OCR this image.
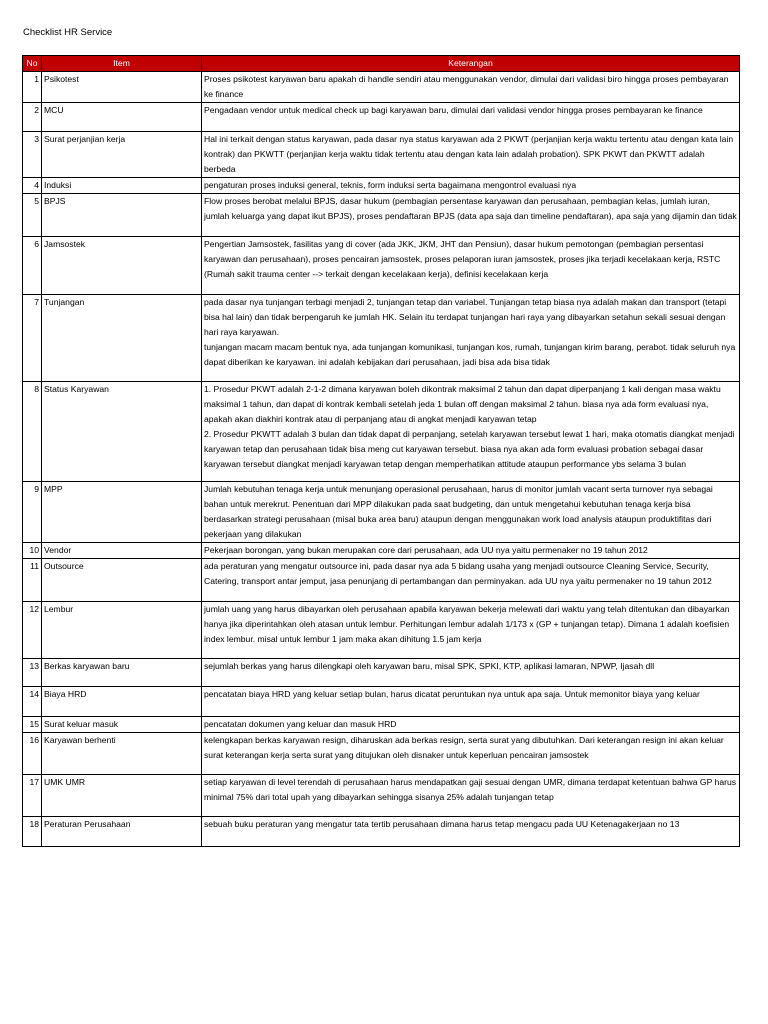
Checklist HR Service
No	Item	Keterangan
1	Psikotest	Proses psikotest karyawan baru apakah di handle sendiri atau menggunakan vendor, dimulai dari validasi biro hingga proses pembayaran ke finance
2	MCU	Pengadaan vendor untuk medical check up bagi karyawan baru, dimulai dari validasi vendor hingga proses pembayaran ke finance
3	Surat perjanjian kerja	Hal ini terkait dengan status karyawan, pada dasar nya status karyawan ada 2 PKWT (perjanjian kerja waktu tertentu atau dengan kata lain kontrak) dan PKWTT (perjanjian kerja waktu tidak tertentu atau dengan kata lain adalah probation). SPK PKWT dan PKWTT adalah berbeda
4	Induksi	pengaturan proses induksi general, teknis, form induksi serta bagaimana mengontrol evaluasi nya
5	BPJS	Flow proses berobat melalui BPJS, dasar hukum (pembagian persentase karyawan dan perusahaan, pembagian kelas, jumlah iuran, jumlah keluarga yang dapat ikut BPJS), proses pendaftaran BPJS (data apa saja dan timeline pendaftaran), apa saja yang dijamin dan tidak
6	Jamsostek	Pengertian Jamsostek, fasilitas yang di cover (ada JKK, JKM, JHT dan Pensiun), dasar hukum pemotongan (pembagian persentasi karyawan dan perusahaan), proses pencairan jamsostek, proses pelaporan iuran jamsostek, proses jika terjadi kecelakaan kerja, RSTC (Rumah sakit trauma center --> terkait dengan kecelakaan kerja), definisi kecelakaan kerja
7	Tunjangan	pada dasar nya tunjangan terbagi menjadi 2, tunjangan tetap dan variabel. Tunjangan tetap biasa nya adalah makan dan transport (tetapi bisa hal lain) dan tidak berpengaruh ke jumlah HK. Selain itu terdapat tunjangan hari raya yang dibayarkan setahun sekali sesuai dengan hari raya karyawan.
tunjangan macam macam bentuk nya, ada tunjangan komunikasi, tunjangan kos, rumah, tunjangan kirim barang, perabot. tidak seluruh nya dapat diberikan ke karyawan. ini adalah kebijakan dari perusahaan, jadi bisa ada bisa tidak
8	Status Karyawan	1. Prosedur PKWT adalah 2-1-2 dimana karyawan boleh dikontrak maksimal 2 tahun dan dapat diperpanjang 1 kali dengan masa waktu maksimal 1 tahun, dan dapat di kontrak kembali setelah jeda 1 bulan off dengan maksimal 2 tahun. biasa nya ada form evaluasi nya, apakah akan diakhiri kontrak atau di perpanjang atau di angkat menjadi karyawan tetap
2. Prosedur PKWTT adalah 3 bulan dan tidak dapat di perpanjang, setelah karyawan tersebut lewat 1 hari, maka otomatis diangkat menjadi karyawan tetap dan perusahaan tidak bisa meng cut karyawan tersebut. biasa nya akan ada form evaluasi probation sebagai dasar karyawan tersebut diangkat menjadi karyawan tetap dengan memperhatikan attitude ataupun performance ybs selama 3 bulan
9	MPP	Jumlah kebutuhan tenaga kerja untuk menunjang operasional perusahaan, harus di monitor jumlah vacant serta turnover nya sebagai bahan untuk merekrut. Penentuan dari MPP dilakukan pada saat budgeting, dan untuk mengetahui kebutuhan tenaga kerja bisa berdasarkan strategi perusahaan (misal buka area baru) ataupun dengan menggunakan work load analysis ataupun produktifitas dari pekerjaan yang dilakukan
10	Vendor	Pekerjaan borongan, yang bukan merupakan core dari perusahaan, ada UU nya yaitu permenaker no 19 tahun 2012
11	Outsource	ada peraturan yang mengatur outsource ini, pada dasar nya ada 5 bidang usaha yang menjadi outsource Cleaning Service, Security, Catering, transport antar jemput, jasa penunjang di pertambangan dan perminyakan. ada UU nya yaitu permenaker no 19 tahun 2012
12	Lembur	jumlah uang yang harus dibayarkan oleh perusahaan apabila karyawan bekerja melewati dari waktu yang telah ditentukan dan dibayarkan hanya jika diperintahkan oleh atasan untuk lembur. Perhitungan lembur adalah 1/173 x (GP + tunjangan tetap). Dimana 1 adalah koefisien index lembur. misal untuk lembur 1 jam maka akan dihitung 1.5 jam kerja
13	Berkas karyawan baru	sejumlah berkas yang harus dilengkapi oleh karyawan baru, misal SPK, SPKI, KTP, aplikasi lamaran, NPWP, Ijasah dll
14	Biaya HRD	pencatatan biaya HRD yang keluar setiap bulan, harus dicatat peruntukan nya untuk apa saja. Untuk memonitor biaya yang keluar
15	Surat keluar masuk	pencatatan dokumen yang keluar dan masuk HRD
16	Karyawan berhenti	kelengkapan berkas karyawan resign, diharuskan ada berkas resign, serta surat yang dibutuhkan. Dari keterangan resign ini akan keluar surat keterangan kerja serta surat yang ditujukan oleh disnaker untuk keperluan pencairan jamsostek
17	UMK UMR	setiap karyawan di level terendah di perusahaan harus mendapatkan gaji sesuai dengan UMR, dimana terdapat ketentuan bahwa GP harus minimal 75% dari total upah yang dibayarkan sehingga sisanya 25% adalah tunjangan tetap
18	Peraturan Perusahaan	sebuah buku peraturan yang mengatur tata tertib perusahaan dimana harus tetap mengacu pada UU Ketenagakerjaan no 13
